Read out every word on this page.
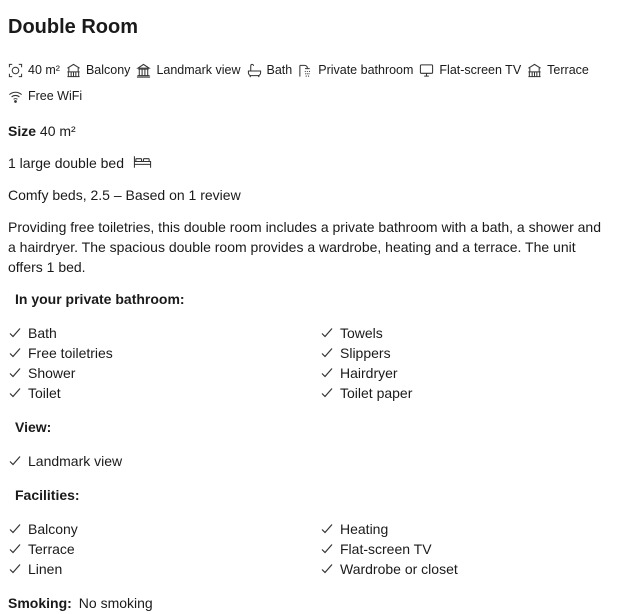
Double Room
40 m² Balcony Landmark view Bath Private bathroom Flat-screen TV Terrace
Free WiFi
Size 40 m²
1 large double bed
Comfy beds, 2.5 – Based on 1 review
Providing free toiletries, this double room includes a private bathroom with a bath, a shower and a hairdryer. The spacious double room provides a wardrobe, heating and a terrace. The unit offers 1 bed.
In your private bathroom:
Bath
Free toiletries
Shower
Toilet
Towels
Slippers
Hairdryer
Toilet paper
View:
Landmark view
Facilities:
Balcony
Terrace
Linen
Heating
Flat-screen TV
Wardrobe or closet
Smoking: No smoking
